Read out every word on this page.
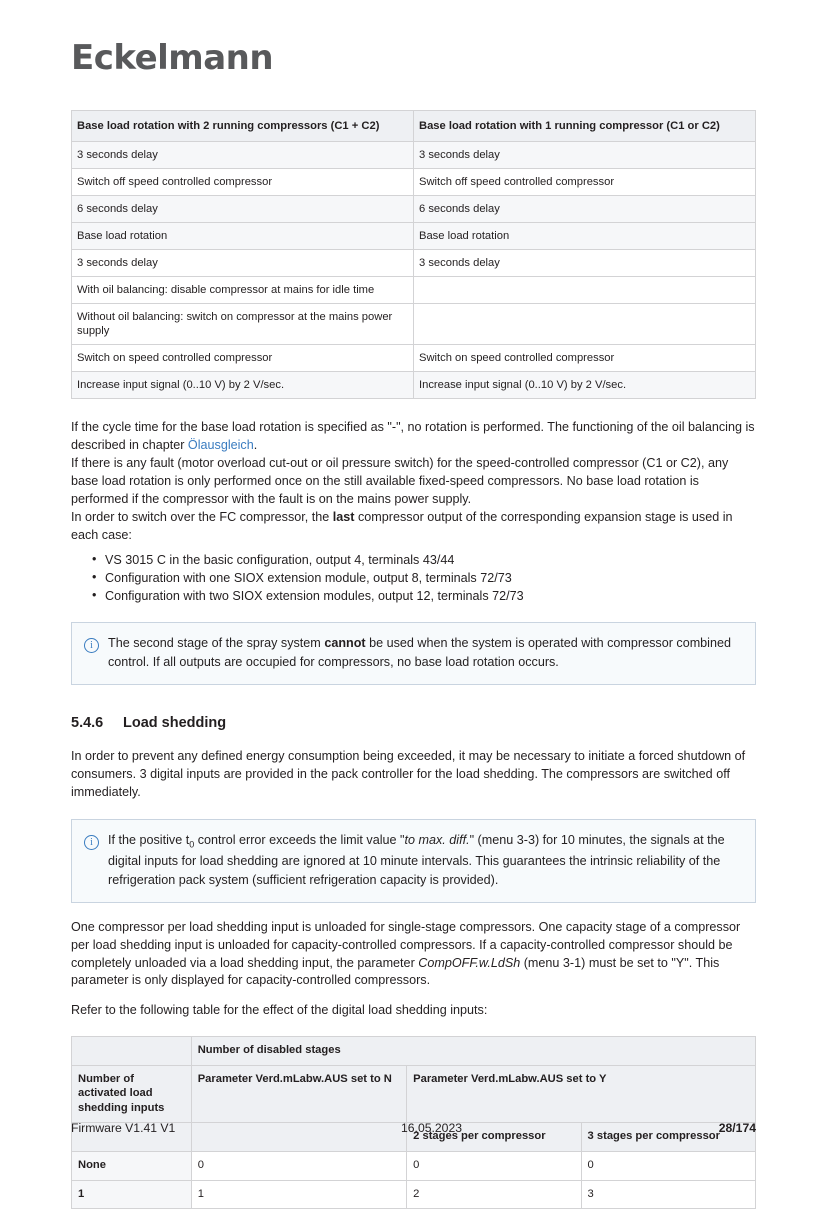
Eckelmann
Base load rotation with 2 running compressors (C1 + C2)	Base load rotation with 1 running compressor (C1 or C2)
3 seconds delay	3 seconds delay
Switch off speed controlled compressor	Switch off speed controlled compressor
6 seconds delay	6 seconds delay
Base load rotation	Base load rotation
3 seconds delay	3 seconds delay
With oil balancing: disable compressor at mains for idle time	
Without oil balancing: switch on compressor at the mains power supply	
Switch on speed controlled compressor	Switch on speed controlled compressor
Increase input signal (0..10 V) by 2 V/sec.	Increase input signal (0..10 V) by 2 V/sec.

If the cycle time for the base load rotation is specified as "-", no rotation is performed. The functioning of the oil balancing is described in chapter Ölausgleich.
If there is any fault (motor overload cut-out or oil pressure switch) for the speed-controlled compressor (C1 or C2), any base load rotation is only performed once on the still available fixed-speed compressors. No base load rotation is performed if the compressor with the fault is on the mains power supply.
In order to switch over the FC compressor, the last compressor output of the corresponding expansion stage is used in each case:

• VS 3015 C in the basic configuration, output 4, terminals 43/44
• Configuration with one SIOX extension module, output 8, terminals 72/73
• Configuration with two SIOX extension modules, output 12, terminals 72/73
i	The second stage of the spray system cannot be used when the system is operated with compressor combined control. If all outputs are occupied for compressors, no base load rotation occurs.
5.4.6 Load shedding

In order to prevent any defined energy consumption being exceeded, it may be necessary to initiate a forced shutdown of consumers. 3 digital inputs are provided in the pack controller for the load shedding. The compressors are switched off immediately.

i	If the positive $t_0$ control error exceeds the limit value "to max. diff." (menu 3-3) for 10 minutes, the signals at the digital inputs for load shedding are ignored at 10 minute intervals. This guarantees the intrinsic reliability of the refrigeration pack system (sufficient refrigeration capacity is provided).

One compressor per load shedding input is unloaded for single-stage compressors. One capacity stage of a compressor per load shedding input is unloaded for capacity-controlled compressors. If a capacity-controlled compressor should be completely unloaded via a load shedding input, the parameter CompOFF.w.LdSh (menu 3-1) must be set to "Y". This parameter is only displayed for capacity-controlled compressors.

Refer to the following table for the effect of the digital load shedding inputs:

	Number of disabled stages		
Number of activated load shedding inputs	Parameter Verd.mLabw.AUS set to N	Parameter Verd.mLabw.AUS set to Y	
		2 stages per compressor	3 stages per compressor
None	0	0	0
1	1	2	3
Firmware V1.41 V1	16.05.2023	28/174
